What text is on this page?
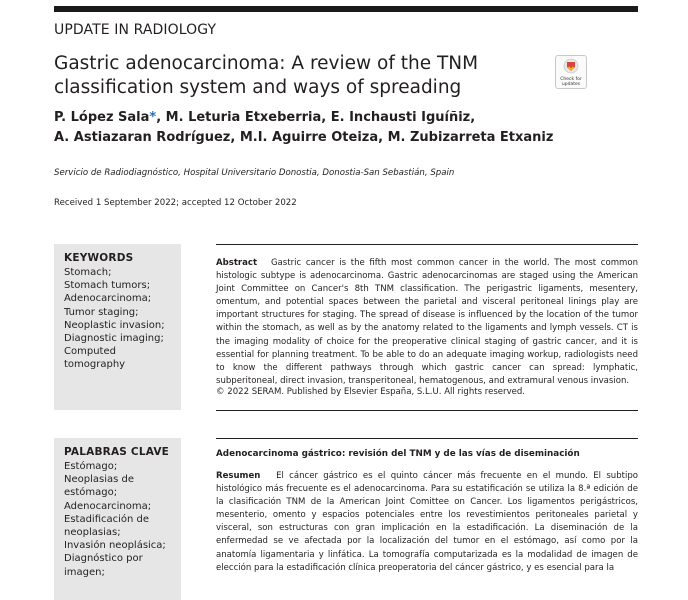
UPDATE IN RADIOLOGY
Gastric adenocarcinoma: A review of the TNM classification system and ways of spreading	Check for updates
P. López Sala*, M. Leturia Etxeberria, E. Inchausti Iguíñiz,
A. Astiazaran Rodríguez, M.I. Aguirre Oteiza, M. Zubizarreta Etxaniz
Servicio de Radiodiagnóstico, Hospital Universitario Donostia, Donostia-San Sebastián, Spain
Received 1 September 2022; accepted 12 October 2022
KEYWORDS
Stomach;
Stomach tumors;
Adenocarcinoma;
Tumor staging;
Neoplastic invasion;
Diagnostic imaging;
Computed tomography

Abstract Gastric cancer is the fifth most common cancer in the world. The most common histologic subtype is adenocarcinoma. Gastric adenocarcinomas are staged using the American Joint Committee on Cancer's 8th TNM classification. The perigastric ligaments, mesentery, omentum, and potential spaces between the parietal and visceral peritoneal linings play are important structures for staging. The spread of disease is influenced by the location of the tumor within the stomach, as well as by the anatomy related to the ligaments and lymph vessels. CT is the imaging modality of choice for the preoperative clinical staging of gastric cancer, and it is essential for planning treatment. To be able to do an adequate imaging workup, radiologists need to know the different pathways through which gastric cancer can spread: lymphatic, subperitoneal, direct invasion, transperitoneal, hematogenous, and extramural venous invasion.

© 2022 SERAM. Published by Elsevier España, S.L.U. All rights reserved.
PALABRAS CLAVE
Estómago;
Neoplasias de estómago;
Adenocarcinoma;
Estadificación de neoplasias;
Invasión neoplásica;
Diagnóstico por imagen;
Adenocarcinoma gástrico: revisión del TNM y de las vías de diseminación

Resumen El cáncer gástrico es el quinto cáncer más frecuente en el mundo. El subtipo histológico más frecuente es el adenocarcinoma. Para su estatificación se utiliza la 8.ª edición de la clasificación TNM de la American Joint Comittee on Cancer. Los ligamentos perigástricos, mesenterio, omento y espacios potenciales entre los revestimientos peritoneales parietal y visceral, son estructuras con gran implicación en la estadificación. La diseminación de la enfermedad se ve afectada por la localización del tumor en el estómago, así como por la anatomía ligamentaria y linfática. La tomografía computarizada es la modalidad de imagen de elección para la estadificación clínica preoperatoria del cáncer gástrico, y es esencial para la
